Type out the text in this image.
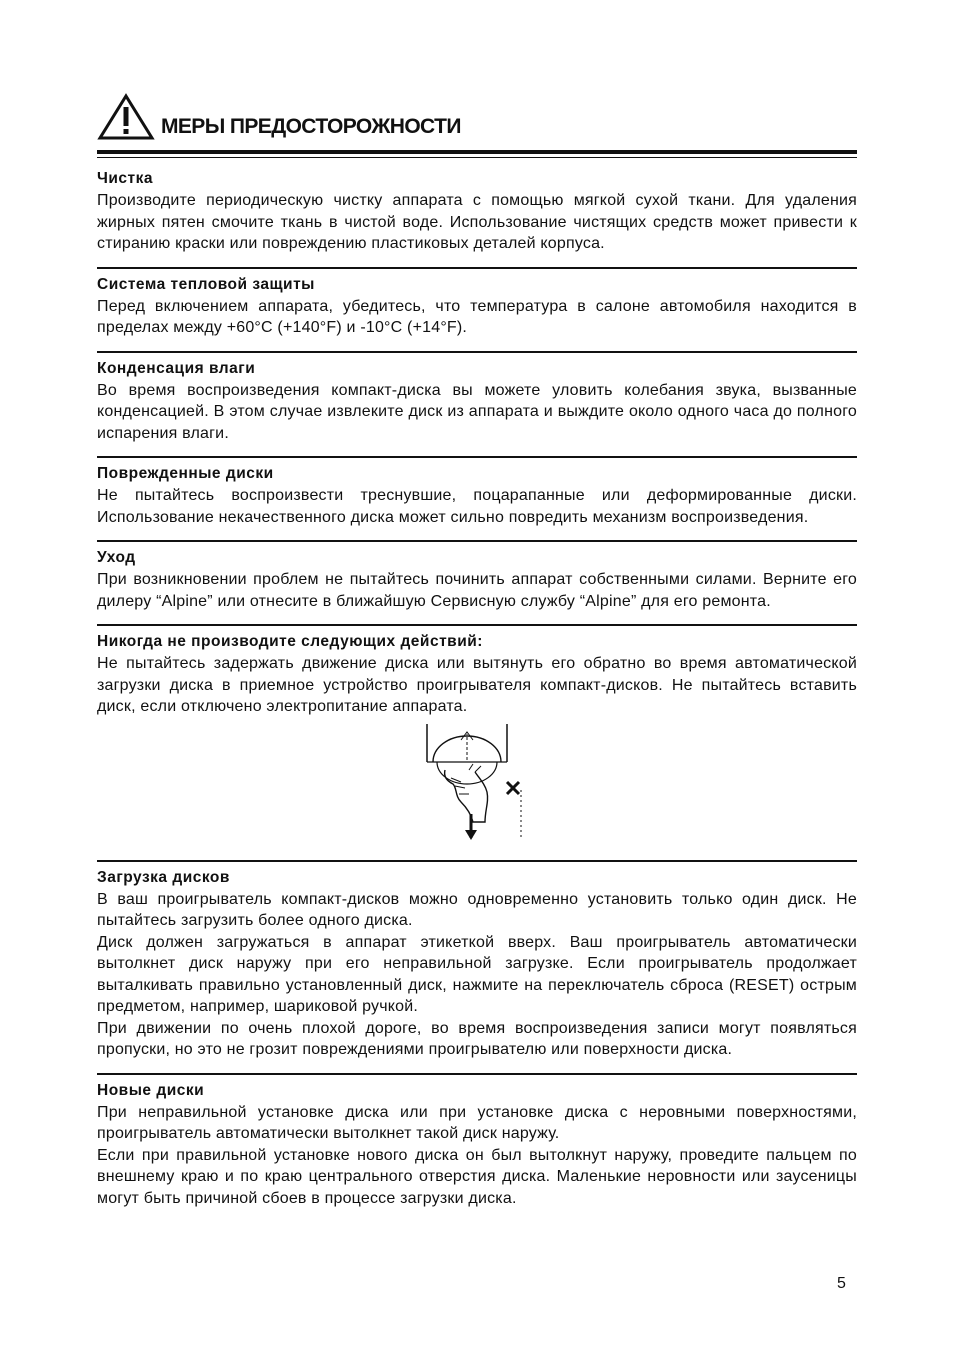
МЕРЫ ПРЕДОСТОРОЖНОСТИ
Чистка

Производите периодическую чистку аппарата с помощью мягкой сухой ткани. Для удаления жирных пятен смочите ткань в чистой воде. Использование чистящих средств может привести к стиранию краски или повреждению пластиковых деталей корпуса.

Система тепловой защиты

Перед включением аппарата, убедитесь, что температура в салоне автомобиля находится в пределах между +60°C (+140°F) и -10°C (+14°F).

Конденсация влаги

Во время воспроизведения компакт-диска вы можете уловить колебания звука, вызванные конденсацией. В этом случае извлеките диск из аппарата и выждите около одного часа до полного испарения влаги.

Поврежденные диски

Не пытайтесь воспроизвести треснувшие, поцарапанные или деформированные диски. Использование некачественного диска может сильно повредить механизм воспроизведения.

Уход

При возникновении проблем не пытайтесь починить аппарат собственными силами. Верните его дилеру “Alpine” или отнесите в ближайшую Сервисную службу “Alpine” для его ремонта.

Никогда не производите следующих действий:

Не пытайтесь задержать движение диска или вытянуть его обратно во время автоматической загрузки диска в приемное устройство проигрывателя компакт-дисков. Не пытайтесь вставить диск, если отключено электропитание аппарата.

Загрузка дисков

В ваш проигрыватель компакт-дисков можно одновременно установить только один диск. Не пытайтесь загрузить более одного диска.

Диск должен загружаться в аппарат этикеткой вверх. Ваш проигрыватель автоматически вытолкнет диск наружу при его неправильной загрузке. Если проигрыватель продолжает выталкивать правильно установленный диск, нажмите на переключатель сброса (RESET) острым предметом, например, шариковой ручкой.

При движении по очень плохой дороге, во время воспроизведения записи могут появляться пропуски, но это не грозит повреждениями проигрывателю или поверхности диска.

Новые диски

При неправильной установке диска или при установке диска с неровными поверхностями, проигрыватель автоматически вытолкнет такой диск наружу.

Если при правильной установке нового диска он был вытолкнут наружу, проведите пальцем по внешнему краю и по краю центрального отверстия диска. Маленькие неровности или заусеницы могут быть причиной сбоев в процессе загрузки диска.

5
